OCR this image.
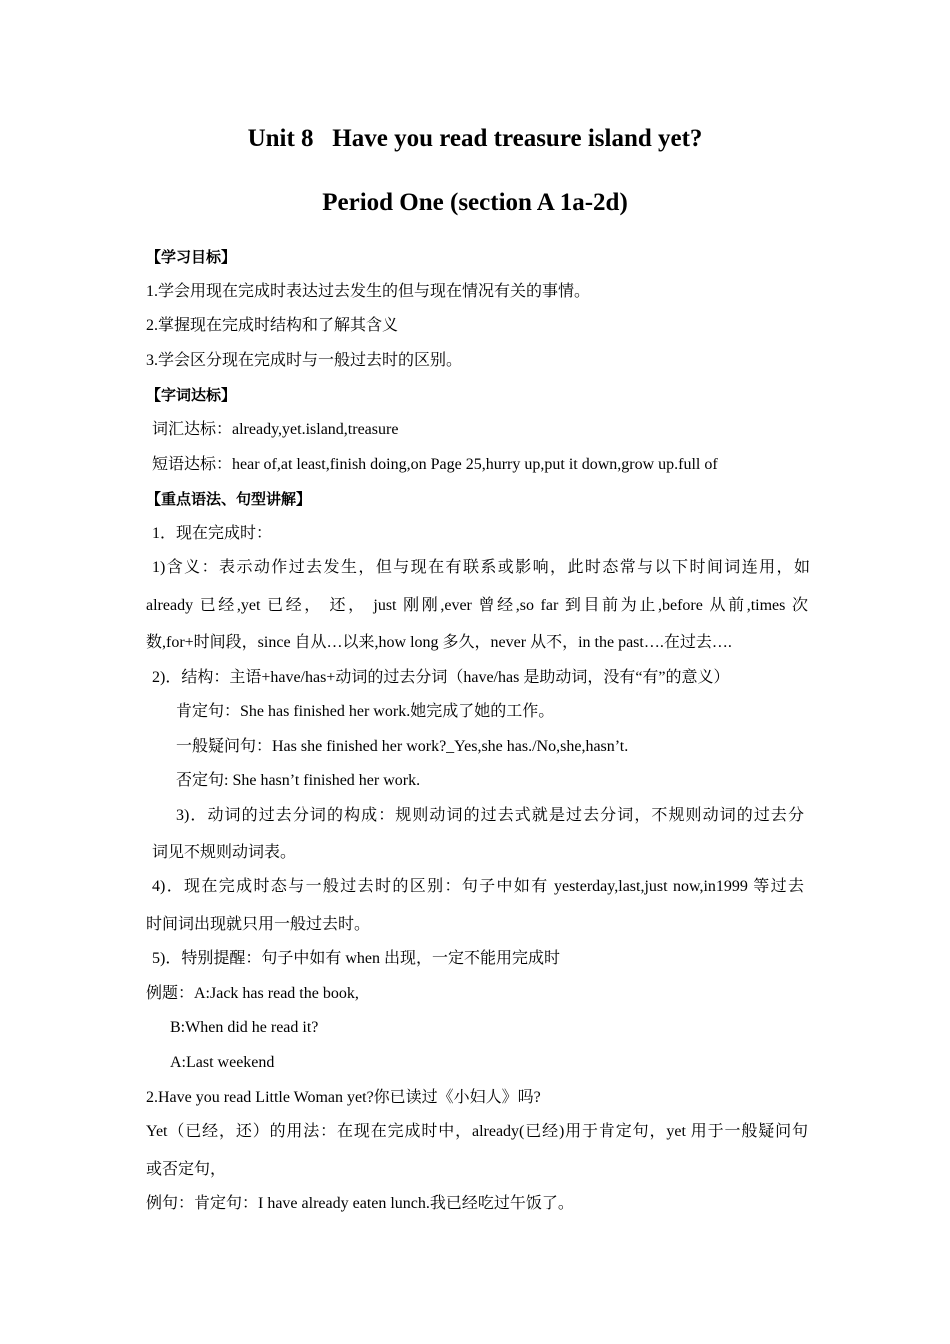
Unit 8   Have you read treasure island yet?
Period One (section A 1a-2d)
【学习目标】
1.学会用现在完成时表达过去发生的但与现在情况有关的事情。
2.掌握现在完成时结构和了解其含义
3.学会区分现在完成时与一般过去时的区别。
【字词达标】
词汇达标：already,yet.island,treasure
短语达标：hear of,at least,finish doing,on Page 25,hurry up,put it down,grow up.full of
【重点语法、句型讲解】
1．现在完成时：
1)含义：表示动作过去发生，但与现在有联系或影响，此时态常与以下时间词连用，如
already 已经,yet 已经， 还， just 刚刚,ever 曾经,so far 到目前为止,before 从前,times 次
数,for+时间段，since 自从…以来,how long 多久，never 从不，in the past….在过去….
2)．结构：主语+have/has+动词的过去分词（have/has 是助动词，没有“有”的意义）
肯定句：She has finished her work.她完成了她的工作。
一般疑问句：Has she finished her work?_Yes,she has./No,she,hasn’t.
否定句: She hasn’t finished her work.
3)．动词的过去分词的构成：规则动词的过去式就是过去分词，不规则动词的过去分
词见不规则动词表。
4)．现在完成时态与一般过去时的区别：句子中如有 yesterday,last,just now,in1999 等过去
时间词出现就只用一般过去时。
5)．特别提醒：句子中如有 when 出现，一定不能用完成时
例题：A:Jack has read the book,
B:When did he read it?
A:Last weekend
2.Have you read Little Woman yet?你已读过《小妇人》吗?
Yet（已经，还）的用法：在现在完成时中，already(已经)用于肯定句，yet 用于一般疑问句
或否定句，
例句：肯定句：I have already eaten lunch.我已经吃过午饭了。
